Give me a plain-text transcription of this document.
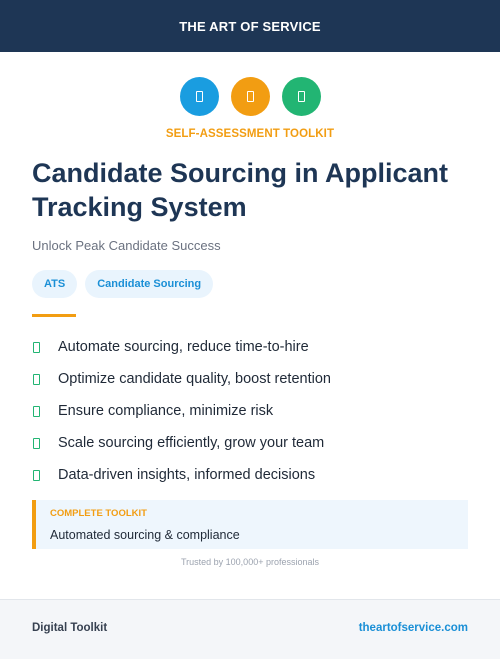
THE ART OF SERVICE
SELF-ASSESSMENT TOOLKIT
Candidate Sourcing in Applicant Tracking System
Unlock Peak Candidate Success
ATS	Candidate Sourcing
Automate sourcing, reduce time-to-hire
Optimize candidate quality, boost retention
Ensure compliance, minimize risk
Scale sourcing efficiently, grow your team
Data-driven insights, informed decisions
COMPLETE TOOLKIT
Automated sourcing & compliance
Trusted by 100,000+ professionals
Digital Toolkit	theartofservice.com
